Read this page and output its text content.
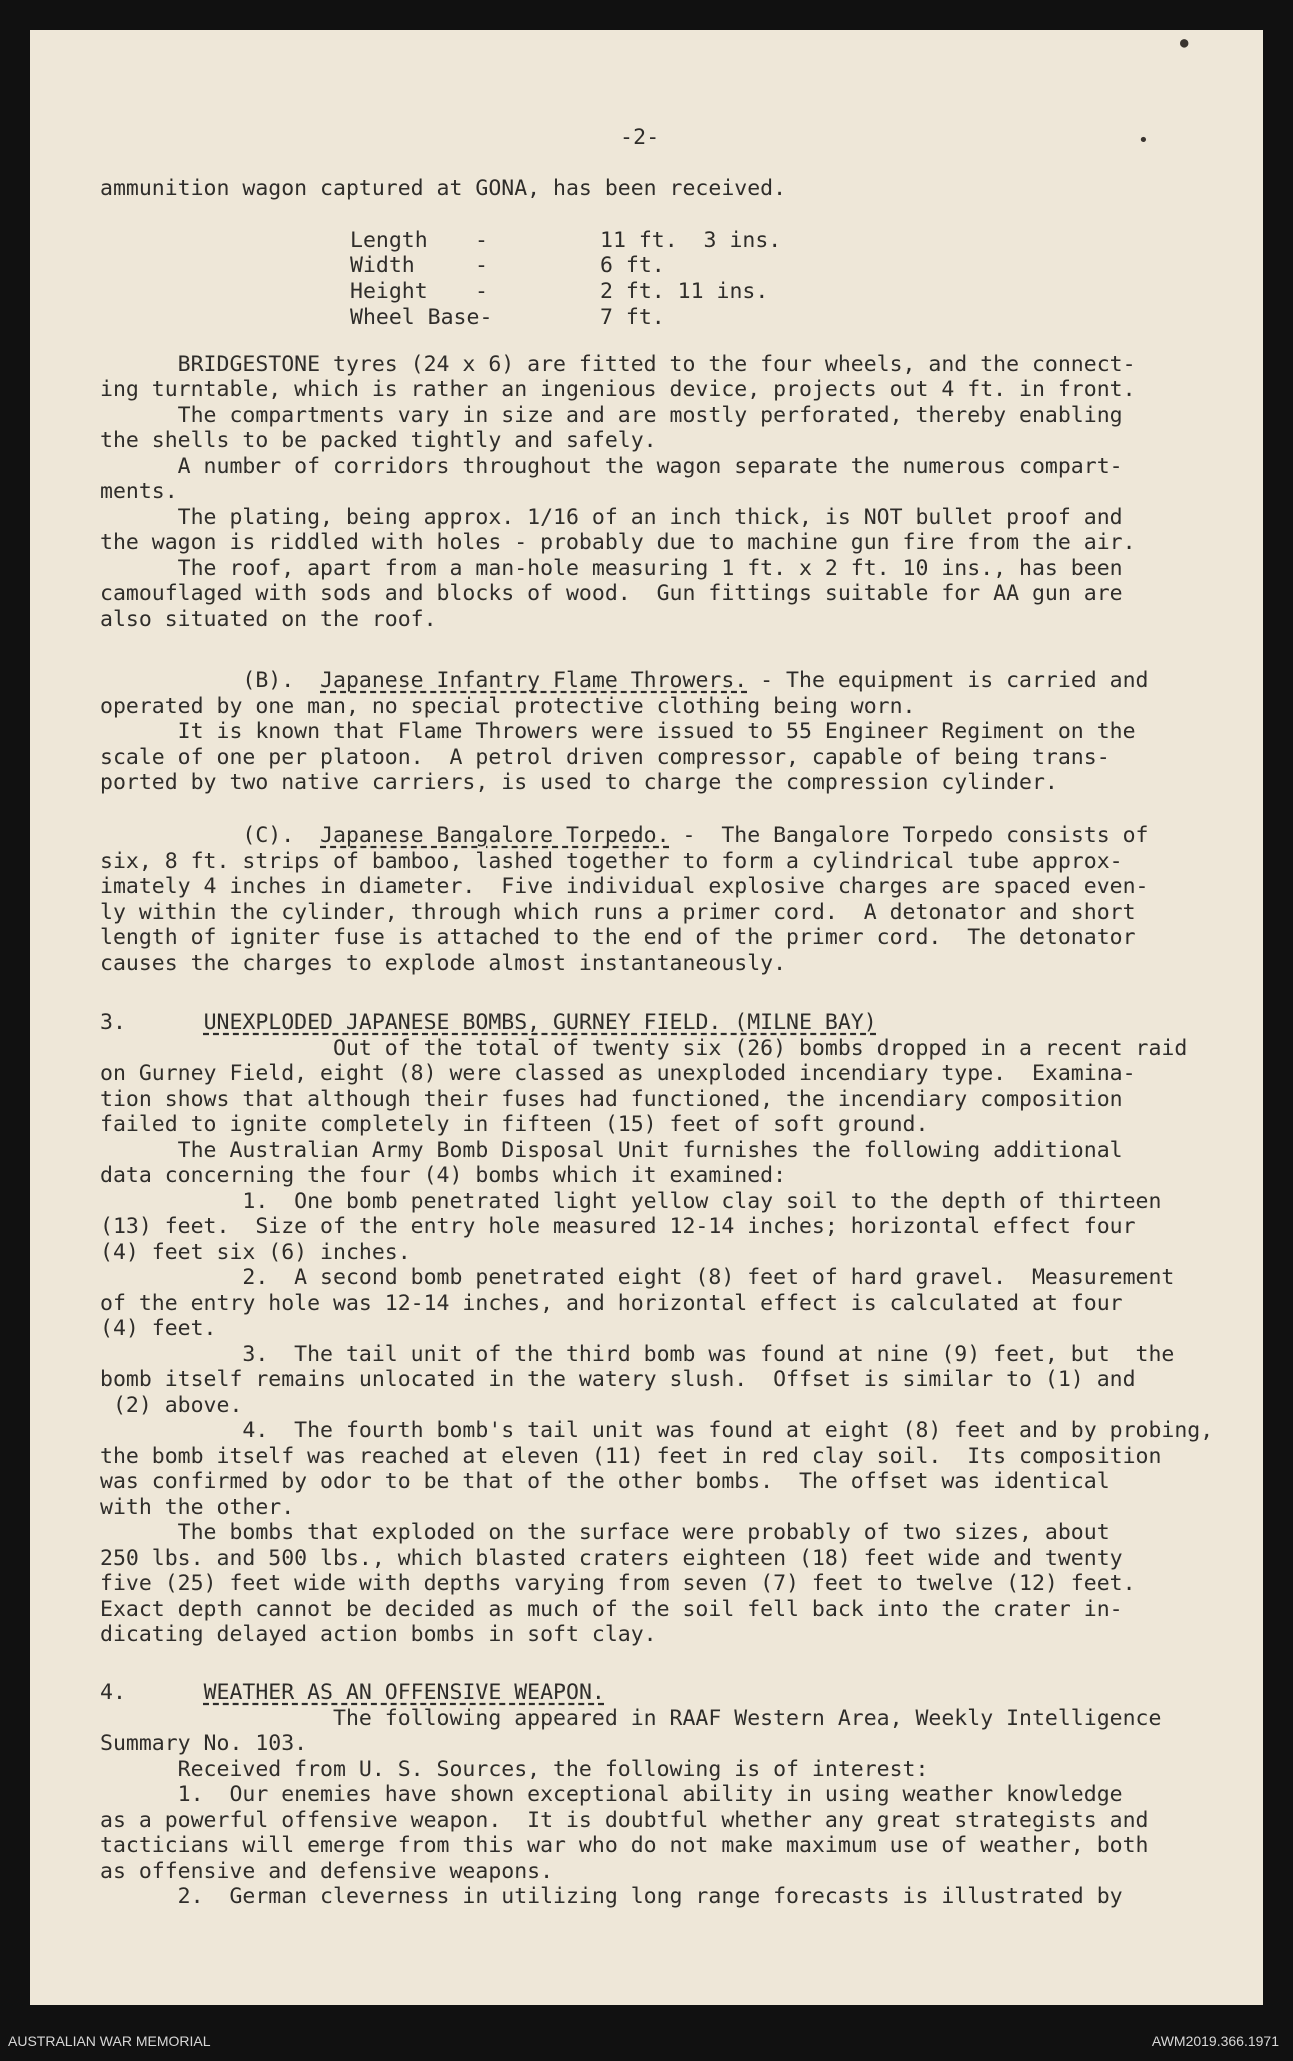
●
•
-2-
ammunition wagon captured at GONA, has been received.
Length -	11 ft.  3 ins.
Width	-	6 ft.
Height -	2 ft. 11 ins.
Wheel Base-	7 ft.
BRIDGESTONE tyres (24 x 6) are fitted to the four wheels, and the connect-
ing turntable, which is rather an ingenious device, projects out 4 ft. in front.
The compartments vary in size and are mostly perforated, thereby enabling
the shells to be packed tightly and safely.
A number of corridors throughout the wagon separate the numerous compart-
ments.
The plating, being approx. 1/16 of an inch thick, is NOT bullet proof and
the wagon is riddled with holes - probably due to machine gun fire from the air.
The roof, apart from a man-hole measuring 1 ft. x 2 ft. 10 ins., has been
camouflaged with sods and blocks of wood.  Gun fittings suitable for AA gun are
also situated on the roof.
(B).  Japanese Infantry Flame Throwers. - The equipment is carried and
operated by one man, no special protective clothing being worn.
It is known that Flame Throwers were issued to 55 Engineer Regiment on the
scale of one per platoon.  A petrol driven compressor, capable of being trans-
ported by two native carriers, is used to charge the compression cylinder.
(C).  Japanese Bangalore Torpedo. -  The Bangalore Torpedo consists of
six, 8 ft. strips of bamboo, lashed together to form a cylindrical tube approx-
imately 4 inches in diameter.  Five individual explosive charges are spaced even-
ly within the cylinder, through which runs a primer cord.  A detonator and short
length of igniter fuse is attached to the end of the primer cord.  The detonator
causes the charges to explode almost instantaneously.
3.	UNEXPLODED JAPANESE BOMBS, GURNEY FIELD. (MILNE BAY)
Out of the total of twenty six (26) bombs dropped in a recent raid
on Gurney Field, eight (8) were classed as unexploded incendiary type.  Examina-
tion shows that although their fuses had functioned, the incendiary composition
failed to ignite completely in fifteen (15) feet of soft ground.
The Australian Army Bomb Disposal Unit furnishes the following additional
data concerning the four (4) bombs which it examined:
1.  One bomb penetrated light yellow clay soil to the depth of thirteen
(13) feet.  Size of the entry hole measured 12-14 inches; horizontal effect four
(4) feet six (6) inches.
2.  A second bomb penetrated eight (8) feet of hard gravel.  Measurement
of the entry hole was 12-14 inches, and horizontal effect is calculated at four
(4) feet.
3.  The tail unit of the third bomb was found at nine (9) feet, but  the
bomb itself remains unlocated in the watery slush.  Offset is similar to (1) and
(2) above.
4.  The fourth bomb's tail unit was found at eight (8) feet and by probing,
the bomb itself was reached at eleven (11) feet in red clay soil.  Its composition
was confirmed by odor to be that of the other bombs.  The offset was identical
with the other.
The bombs that exploded on the surface were probably of two sizes, about
250 lbs. and 500 lbs., which blasted craters eighteen (18) feet wide and twenty
five (25) feet wide with depths varying from seven (7) feet to twelve (12) feet.
Exact depth cannot be decided as much of the soil fell back into the crater in-
dicating delayed action bombs in soft clay.
4.	WEATHER AS AN OFFENSIVE WEAPON.
The following appeared in RAAF Western Area, Weekly Intelligence
Summary No. 103.
Received from U. S. Sources, the following is of interest:
1.  Our enemies have shown exceptional ability in using weather knowledge
as a powerful offensive weapon.  It is doubtful whether any great strategists and
tacticians will emerge from this war who do not make maximum use of weather, both
as offensive and defensive weapons.
2.  German cleverness in utilizing long range forecasts is illustrated by
AUSTRALIAN WAR MEMORIAL	AWM2019.366.1971
